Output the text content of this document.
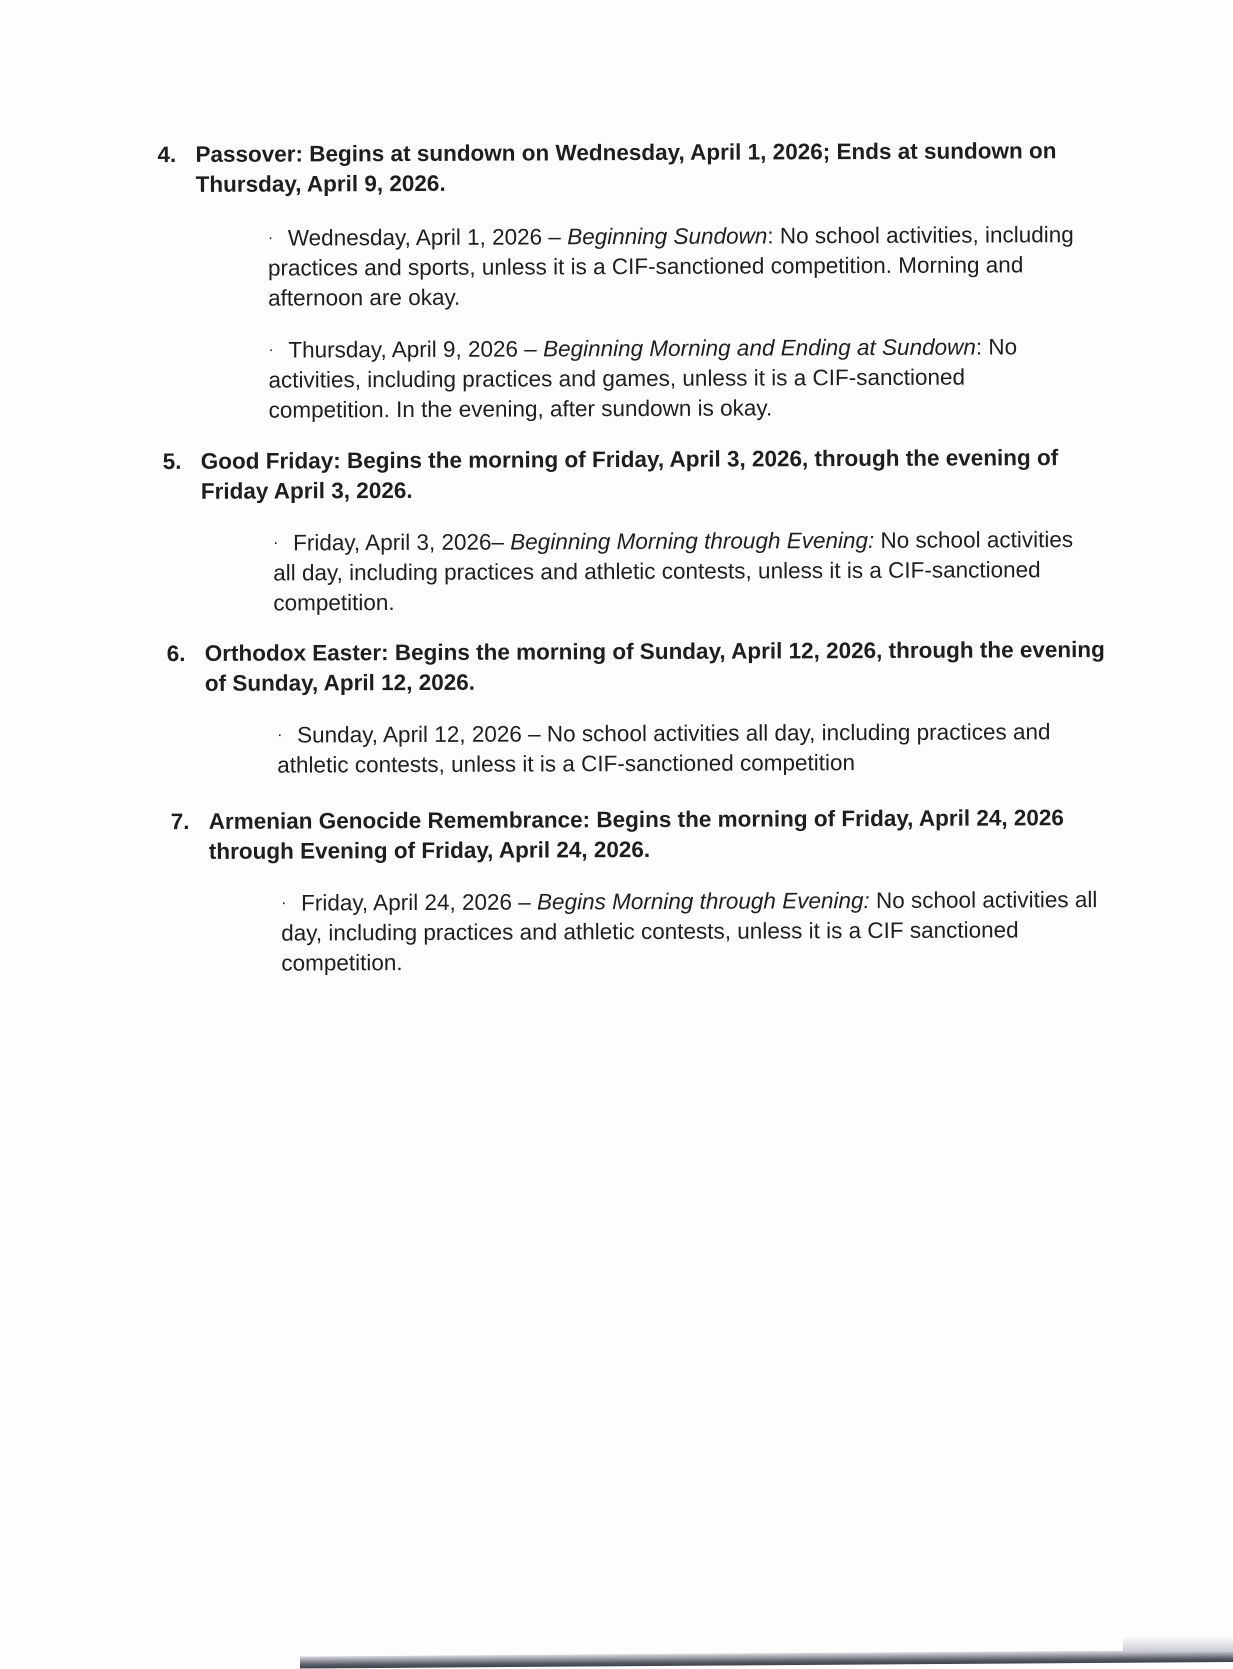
4. Passover: Begins at sundown on Wednesday, April 1, 2026; Ends at sundown on Thursday, April 9, 2026.
· Wednesday, April 1, 2026 – Beginning Sundown: No school activities, including practices and sports, unless it is a CIF-sanctioned competition. Morning and afternoon are okay.
· Thursday, April 9, 2026 – Beginning Morning and Ending at Sundown: No activities, including practices and games, unless it is a CIF-sanctioned competition. In the evening, after sundown is okay.
5. Good Friday: Begins the morning of Friday, April 3, 2026, through the evening of Friday April 3, 2026.
· Friday, April 3, 2026– Beginning Morning through Evening: No school activities all day, including practices and athletic contests, unless it is a CIF-sanctioned competition.
6. Orthodox Easter: Begins the morning of Sunday, April 12, 2026, through the evening of Sunday, April 12, 2026.
· Sunday, April 12, 2026 – No school activities all day, including practices and athletic contests, unless it is a CIF-sanctioned competition
7. Armenian Genocide Remembrance: Begins the morning of Friday, April 24, 2026 through Evening of Friday, April 24, 2026.
· Friday, April 24, 2026 – Begins Morning through Evening: No school activities all day, including practices and athletic contests, unless it is a CIF sanctioned competition.
